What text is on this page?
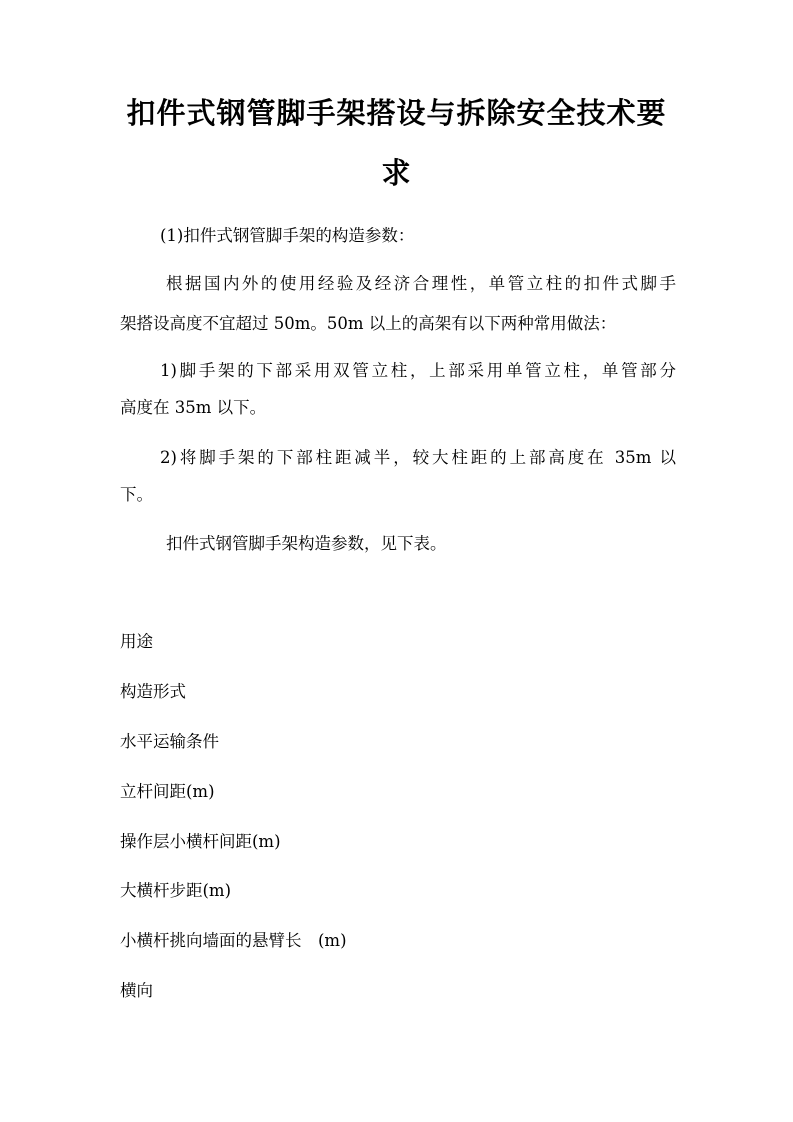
扣件式钢管脚手架搭设与拆除安全技术要
求

(1)扣件式钢管脚手架的构造参数：

根据国内外的使用经验及经济合理性，单管立柱的扣件式脚手

架搭设高度不宜超过 50m。50m 以上的高架有以下两种常用做法：

1)脚手架的下部采用双管立柱，上部采用单管立柱，单管部分

高度在 35m 以下。

2)将脚手架的下部柱距减半，较大柱距的上部高度在 35m 以

下。

扣件式钢管脚手架构造参数，见下表。

用途

构造形式

水平运输条件

立杆间距(m)

操作层小横杆间距(m)

大横杆步距(m)

小横杆挑向墙面的悬臂长　(m)

横向
